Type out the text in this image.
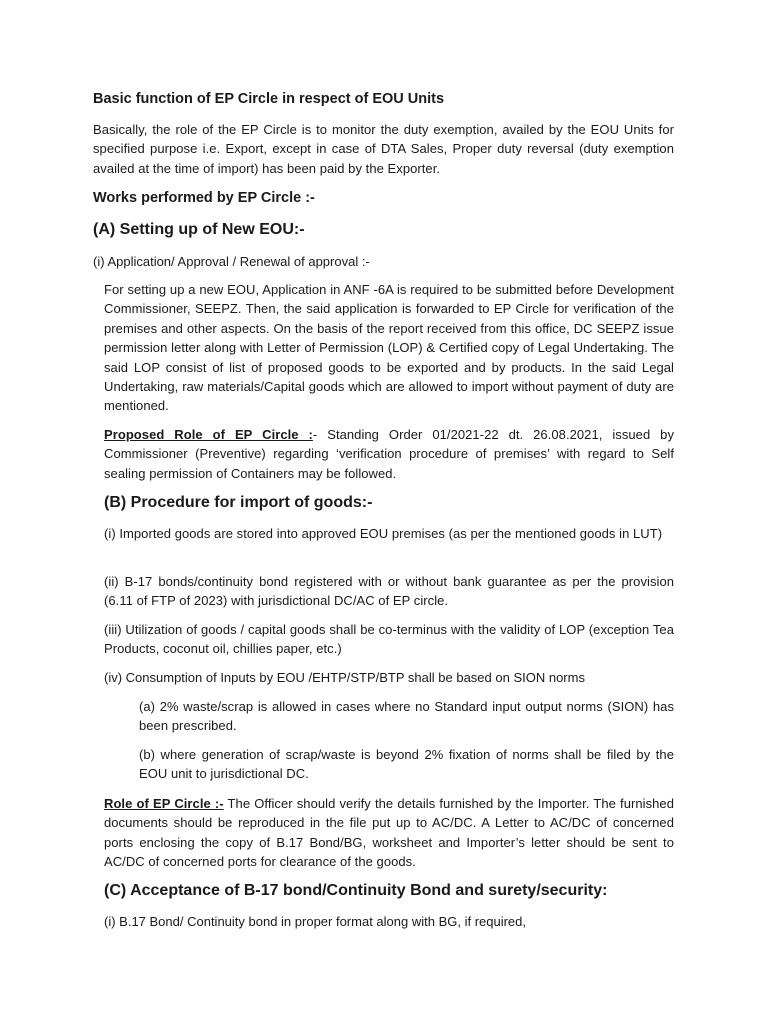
Basic function of EP Circle in respect of EOU Units

Basically, the role of the EP Circle is to monitor the duty exemption, availed by the EOU Units for specified purpose i.e. Export, except in case of DTA Sales, Proper duty reversal (duty exemption availed at the time of import) has been paid by the Exporter.

Works performed by EP Circle :-
(A) Setting up of New EOU:-
(i) Application/ Approval / Renewal of approval :-

For setting up a new EOU, Application in ANF -6A is required to be submitted before Development Commissioner, SEEPZ. Then, the said application is forwarded to EP Circle for verification of the premises and other aspects. On the basis of the report received from this office, DC SEEPZ issue permission letter along with Letter of Permission (LOP) & Certified copy of Legal Undertaking. The said LOP consist of list of proposed goods to be exported and by products. In the said Legal Undertaking, raw materials/Capital goods which are allowed to import without payment of duty are mentioned.

Proposed Role of EP Circle :- Standing Order 01/2021-22 dt. 26.08.2021, issued by Commissioner (Preventive) regarding ‘verification procedure of premises’ with regard to Self sealing permission of Containers may be followed.

(B) Procedure for import of goods:-

(i) Imported goods are stored into approved EOU premises (as per the mentioned goods in LUT)

(ii) B-17 bonds/continuity bond registered with or without bank guarantee as per the provision (6.11 of FTP of 2023) with jurisdictional DC/AC of EP circle.

(iii) Utilization of goods / capital goods shall be co-terminus with the validity of LOP (exception Tea Products, coconut oil, chillies paper, etc.)

(iv) Consumption of Inputs by EOU /EHTP/STP/BTP shall be based on SION norms

(a) 2% waste/scrap is allowed in cases where no Standard input output norms (SION) has been prescribed.

(b) where generation of scrap/waste is beyond 2% fixation of norms shall be filed by the EOU unit to jurisdictional DC.

Role of EP Circle :- The Officer should verify the details furnished by the Importer. The furnished documents should be reproduced in the file put up to AC/DC. A Letter to AC/DC of concerned ports enclosing the copy of B.17 Bond/BG, worksheet and Importer’s letter should be sent to AC/DC of concerned ports for clearance of the goods.

(C) Acceptance of B-17 bond/Continuity Bond and surety/security:
(i) B.17 Bond/ Continuity bond in proper format along with BG, if required,
